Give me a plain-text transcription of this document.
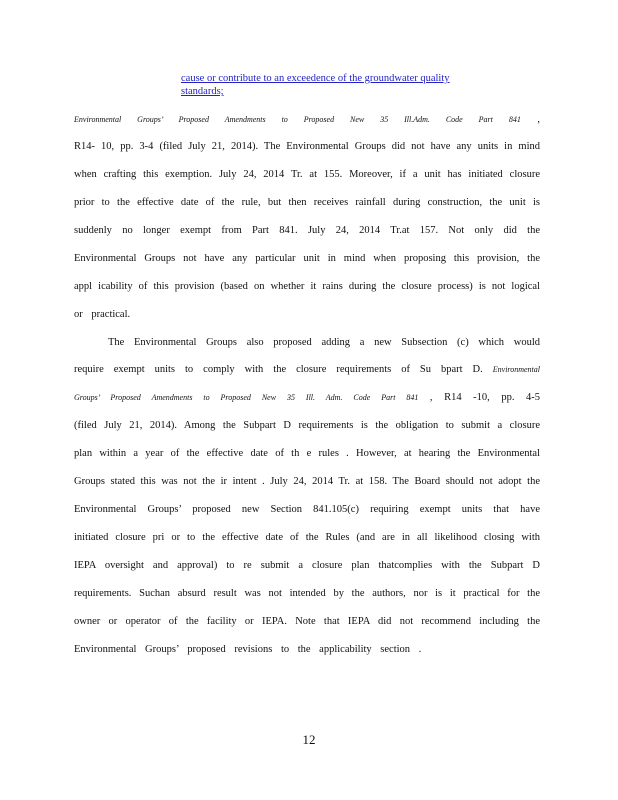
cause or contribute to an exceedence of the groundwater quality
standards;
Environmental Groups’ Proposed Amendments to Proposed New 35 Ill.Adm. Code Part 841 ,
R14- 10, pp. 3-4 (filed July 21, 2014). The Environmental Groups did not have any units in mind
when crafting this exemption. July 24, 2014 Tr. at 155. Moreover, if a unit has initiated closure
prior to the effective date of the rule, but then receives rainfall during construction, the unit is
suddenly no longer exempt from Part 841. July 24, 2014 Tr.at 157. Not only did the
Environmental Groups not have any particular unit in mind when proposing this provision, the
appl icability of this provision (based on whether it rains during the closure process) is not logical
or practical.
The Environmental Groups also proposed adding a new Subsection (c) which would
require exempt units to comply with the closure requirements of Su bpart D. Environmental
Groups’ Proposed Amendments to Proposed New 35 Ill. Adm. Code Part 841 , R14 -10, pp. 4-5
(filed July 21, 2014). Among the Subpart D requirements is the obligation to submit a closure
plan within a year of the effective date of th e rules . However, at hearing the Environmental
Groups stated this was not the ir intent . July 24, 2014 Tr. at 158. The Board should not adopt the
Environmental Groups’ proposed new Section 841.105(c) requiring exempt units that have
initiated closure pri or to the effective date of the Rules (and are in all likelihood closing with
IEPA oversight and approval) to re submit a closure plan thatcomplies with the Subpart D
requirements. Suchan absurd result was not intended by the authors, nor is it practical for the
owner or operator of the facility or IEPA. Note that IEPA did not recommend including the
Environmental Groups’ proposed revisions to the applicability section .
12
